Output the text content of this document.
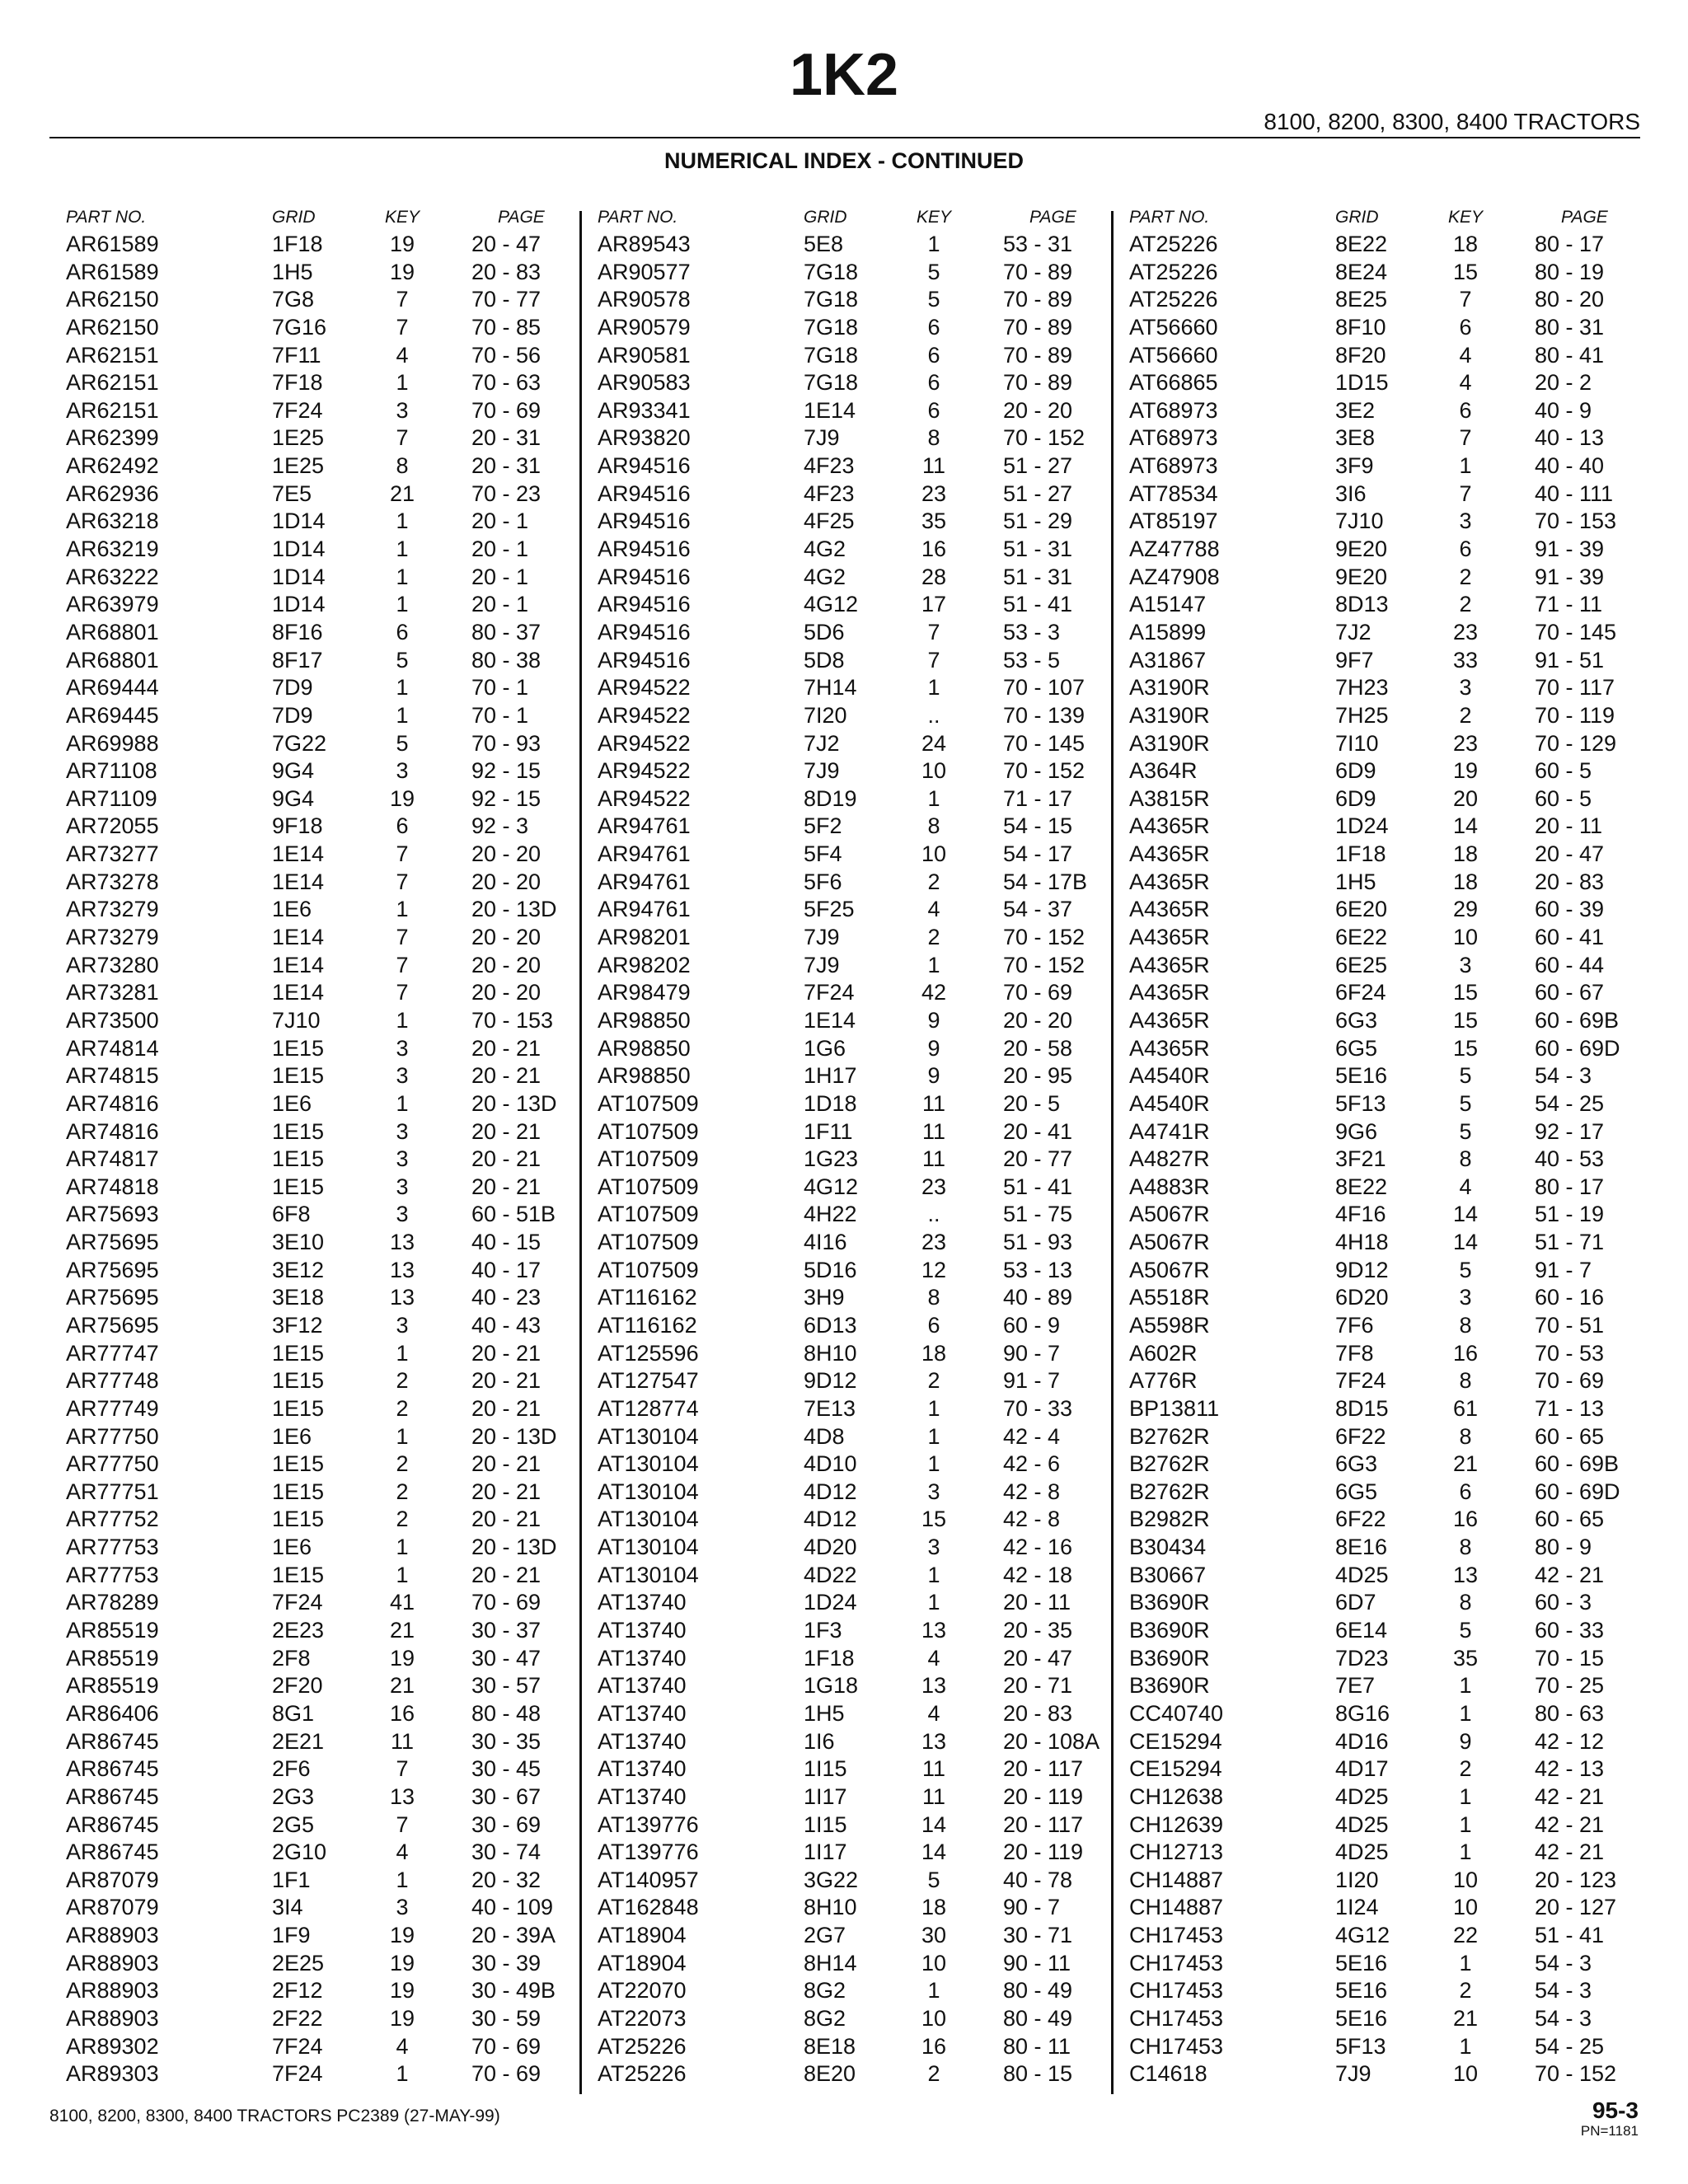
1K2
8100, 8200, 8300, 8400 TRACTORS
NUMERICAL INDEX - CONTINUED
PART NO.	GRID	KEY	PAGE
AR61589	1F18	19	20 - 47
AR61589	1H5	19	20 - 83
AR62150	7G8	7	70 - 77
AR62150	7G16	7	70 - 85
AR62151	7F11	4	70 - 56
AR62151	7F18	1	70 - 63
AR62151	7F24	3	70 - 69
AR62399	1E25	7	20 - 31
AR62492	1E25	8	20 - 31
AR62936	7E5	21	70 - 23
AR63218	1D14	1	20 - 1
AR63219	1D14	1	20 - 1
AR63222	1D14	1	20 - 1
AR63979	1D14	1	20 - 1
AR68801	8F16	6	80 - 37
AR68801	8F17	5	80 - 38
AR69444	7D9	1	70 - 1
AR69445	7D9	1	70 - 1
AR69988	7G22	5	70 - 93
AR71108	9G4	3	92 - 15
AR71109	9G4	19	92 - 15
AR72055	9F18	6	92 - 3
AR73277	1E14	7	20 - 20
AR73278	1E14	7	20 - 20
AR73279	1E6	1	20 - 13D
AR73279	1E14	7	20 - 20
AR73280	1E14	7	20 - 20
AR73281	1E14	7	20 - 20
AR73500	7J10	1	70 - 153
AR74814	1E15	3	20 - 21
AR74815	1E15	3	20 - 21
AR74816	1E6	1	20 - 13D
AR74816	1E15	3	20 - 21
AR74817	1E15	3	20 - 21
AR74818	1E15	3	20 - 21
AR75693	6F8	3	60 - 51B
AR75695	3E10	13	40 - 15
AR75695	3E12	13	40 - 17
AR75695	3E18	13	40 - 23
AR75695	3F12	3	40 - 43
AR77747	1E15	1	20 - 21
AR77748	1E15	2	20 - 21
AR77749	1E15	2	20 - 21
AR77750	1E6	1	20 - 13D
AR77750	1E15	2	20 - 21
AR77751	1E15	2	20 - 21
AR77752	1E15	2	20 - 21
AR77753	1E6	1	20 - 13D
AR77753	1E15	1	20 - 21
AR78289	7F24	41	70 - 69
AR85519	2E23	21	30 - 37
AR85519	2F8	19	30 - 47
AR85519	2F20	21	30 - 57
AR86406	8G1	16	80 - 48
AR86745	2E21	11	30 - 35
AR86745	2F6	7	30 - 45
AR86745	2G3	13	30 - 67
AR86745	2G5	7	30 - 69
AR86745	2G10	4	30 - 74
AR87079	1F1	1	20 - 32
AR87079	3I4	3	40 - 109
AR88903	1F9	19	20 - 39A
AR88903	2E25	19	30 - 39
AR88903	2F12	19	30 - 49B
AR88903	2F22	19	30 - 59
AR89302	7F24	4	70 - 69
AR89303	7F24	1	70 - 69
PART NO.	GRID	KEY	PAGE
AR89543	5E8	1	53 - 31
AR90577	7G18	5	70 - 89
AR90578	7G18	5	70 - 89
AR90579	7G18	6	70 - 89
AR90581	7G18	6	70 - 89
AR90583	7G18	6	70 - 89
AR93341	1E14	6	20 - 20
AR93820	7J9	8	70 - 152
AR94516	4F23	11	51 - 27
AR94516	4F23	23	51 - 27
AR94516	4F25	35	51 - 29
AR94516	4G2	16	51 - 31
AR94516	4G2	28	51 - 31
AR94516	4G12	17	51 - 41
AR94516	5D6	7	53 - 3
AR94516	5D8	7	53 - 5
AR94522	7H14	1	70 - 107
AR94522	7I20	..	70 - 139
AR94522	7J2	24	70 - 145
AR94522	7J9	10	70 - 152
AR94522	8D19	1	71 - 17
AR94761	5F2	8	54 - 15
AR94761	5F4	10	54 - 17
AR94761	5F6	2	54 - 17B
AR94761	5F25	4	54 - 37
AR98201	7J9	2	70 - 152
AR98202	7J9	1	70 - 152
AR98479	7F24	42	70 - 69
AR98850	1E14	9	20 - 20
AR98850	1G6	9	20 - 58
AR98850	1H17	9	20 - 95
AT107509	1D18	11	20 - 5
AT107509	1F11	11	20 - 41
AT107509	1G23	11	20 - 77
AT107509	4G12	23	51 - 41
AT107509	4H22	..	51 - 75
AT107509	4I16	23	51 - 93
AT107509	5D16	12	53 - 13
AT116162	3H9	8	40 - 89
AT116162	6D13	6	60 - 9
AT125596	8H10	18	90 - 7
AT127547	9D12	2	91 - 7
AT128774	7E13	1	70 - 33
AT130104	4D8	1	42 - 4
AT130104	4D10	1	42 - 6
AT130104	4D12	3	42 - 8
AT130104	4D12	15	42 - 8
AT130104	4D20	3	42 - 16
AT130104	4D22	1	42 - 18
AT13740	1D24	1	20 - 11
AT13740	1F3	13	20 - 35
AT13740	1F18	4	20 - 47
AT13740	1G18	13	20 - 71
AT13740	1H5	4	20 - 83
AT13740	1I6	13	20 - 108A
AT13740	1I15	11	20 - 117
AT13740	1I17	11	20 - 119
AT139776	1I15	14	20 - 117
AT139776	1I17	14	20 - 119
AT140957	3G22	5	40 - 78
AT162848	8H10	18	90 - 7
AT18904	2G7	30	30 - 71
AT18904	8H14	10	90 - 11
AT22070	8G2	1	80 - 49
AT22073	8G2	10	80 - 49
AT25226	8E18	16	80 - 11
AT25226	8E20	2	80 - 15
PART NO.	GRID	KEY	PAGE
AT25226	8E22	18	80 - 17
AT25226	8E24	15	80 - 19
AT25226	8E25	7	80 - 20
AT56660	8F10	6	80 - 31
AT56660	8F20	4	80 - 41
AT66865	1D15	4	20 - 2
AT68973	3E2	6	40 - 9
AT68973	3E8	7	40 - 13
AT68973	3F9	1	40 - 40
AT78534	3I6	7	40 - 111
AT85197	7J10	3	70 - 153
AZ47788	9E20	6	91 - 39
AZ47908	9E20	2	91 - 39
A15147	8D13	2	71 - 11
A15899	7J2	23	70 - 145
A31867	9F7	33	91 - 51
A3190R	7H23	3	70 - 117
A3190R	7H25	2	70 - 119
A3190R	7I10	23	70 - 129
A364R	6D9	19	60 - 5
A3815R	6D9	20	60 - 5
A4365R	1D24	14	20 - 11
A4365R	1F18	18	20 - 47
A4365R	1H5	18	20 - 83
A4365R	6E20	29	60 - 39
A4365R	6E22	10	60 - 41
A4365R	6E25	3	60 - 44
A4365R	6F24	15	60 - 67
A4365R	6G3	15	60 - 69B
A4365R	6G5	15	60 - 69D
A4540R	5E16	5	54 - 3
A4540R	5F13	5	54 - 25
A4741R	9G6	5	92 - 17
A4827R	3F21	8	40 - 53
A4883R	8E22	4	80 - 17
A5067R	4F16	14	51 - 19
A5067R	4H18	14	51 - 71
A5067R	9D12	5	91 - 7
A5518R	6D20	3	60 - 16
A5598R	7F6	8	70 - 51
A602R	7F8	16	70 - 53
A776R	7F24	8	70 - 69
BP13811	8D15	61	71 - 13
B2762R	6F22	8	60 - 65
B2762R	6G3	21	60 - 69B
B2762R	6G5	6	60 - 69D
B2982R	6F22	16	60 - 65
B30434	8E16	8	80 - 9
B30667	4D25	13	42 - 21
B3690R	6D7	8	60 - 3
B3690R	6E14	5	60 - 33
B3690R	7D23	35	70 - 15
B3690R	7E7	1	70 - 25
CC40740	8G16	1	80 - 63
CE15294	4D16	9	42 - 12
CE15294	4D17	2	42 - 13
CH12638	4D25	1	42 - 21
CH12639	4D25	1	42 - 21
CH12713	4D25	1	42 - 21
CH14887	1I20	10	20 - 123
CH14887	1I24	10	20 - 127
CH17453	4G12	22	51 - 41
CH17453	5E16	1	54 - 3
CH17453	5E16	2	54 - 3
CH17453	5E16	21	54 - 3
CH17453	5F13	1	54 - 25
C14618	7J9	10	70 - 152
8100, 8200, 8300, 8400 TRACTORS PC2389 (27-MAY-99)	95-3
PN=1181
